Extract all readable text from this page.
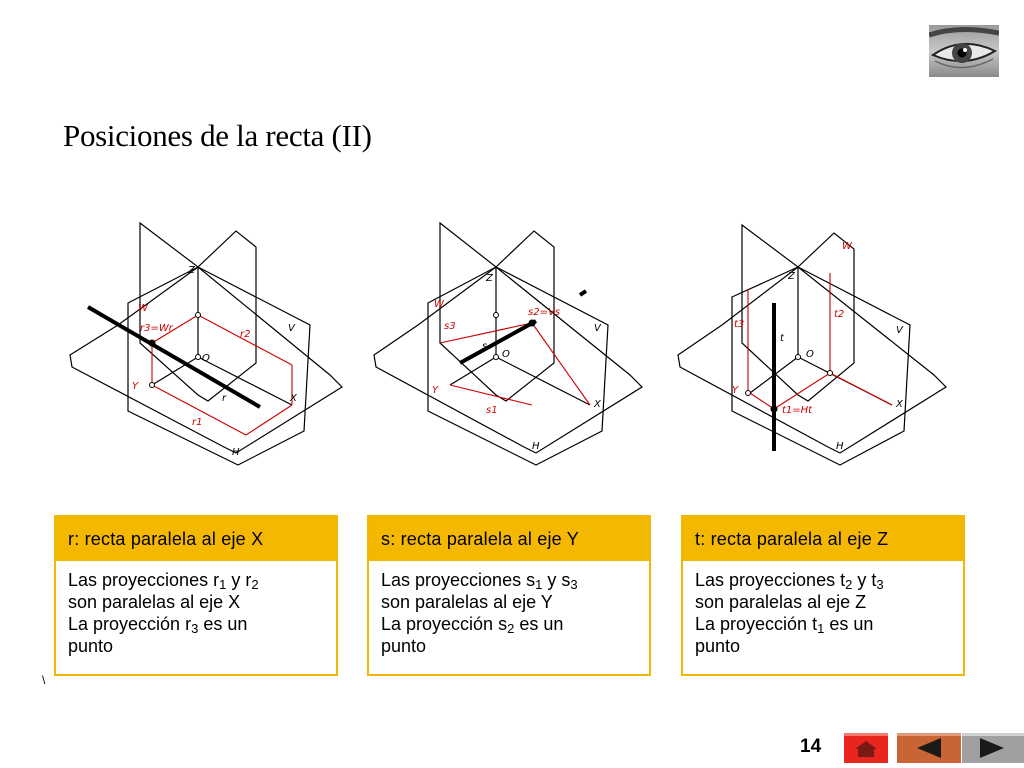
Posiciones de la recta (II)
Z
W
V
O
Y
X
H
r3=Wr
r2
r1
r
Z
W
V
O
Y
X
H
s3
s2=Vs
s1
s
Z
W
V
O
Y
X
H
t3
t2
t1=Ht
t
r: recta paralela al eje X
Las proyecciones $r_1$ y $r_2$
son paralelas al eje X
La proyección $r_3$ es un
punto
s: recta paralela al eje Y
Las proyecciones $s_1$ y $s_3$
son paralelas al eje Y
La proyección $s_2$ es un
punto
t: recta paralela al eje Z
Las proyecciones $t_2$ y $t_3$
son paralelas al eje Z
La proyección $t_1$ es un
punto
\
14
